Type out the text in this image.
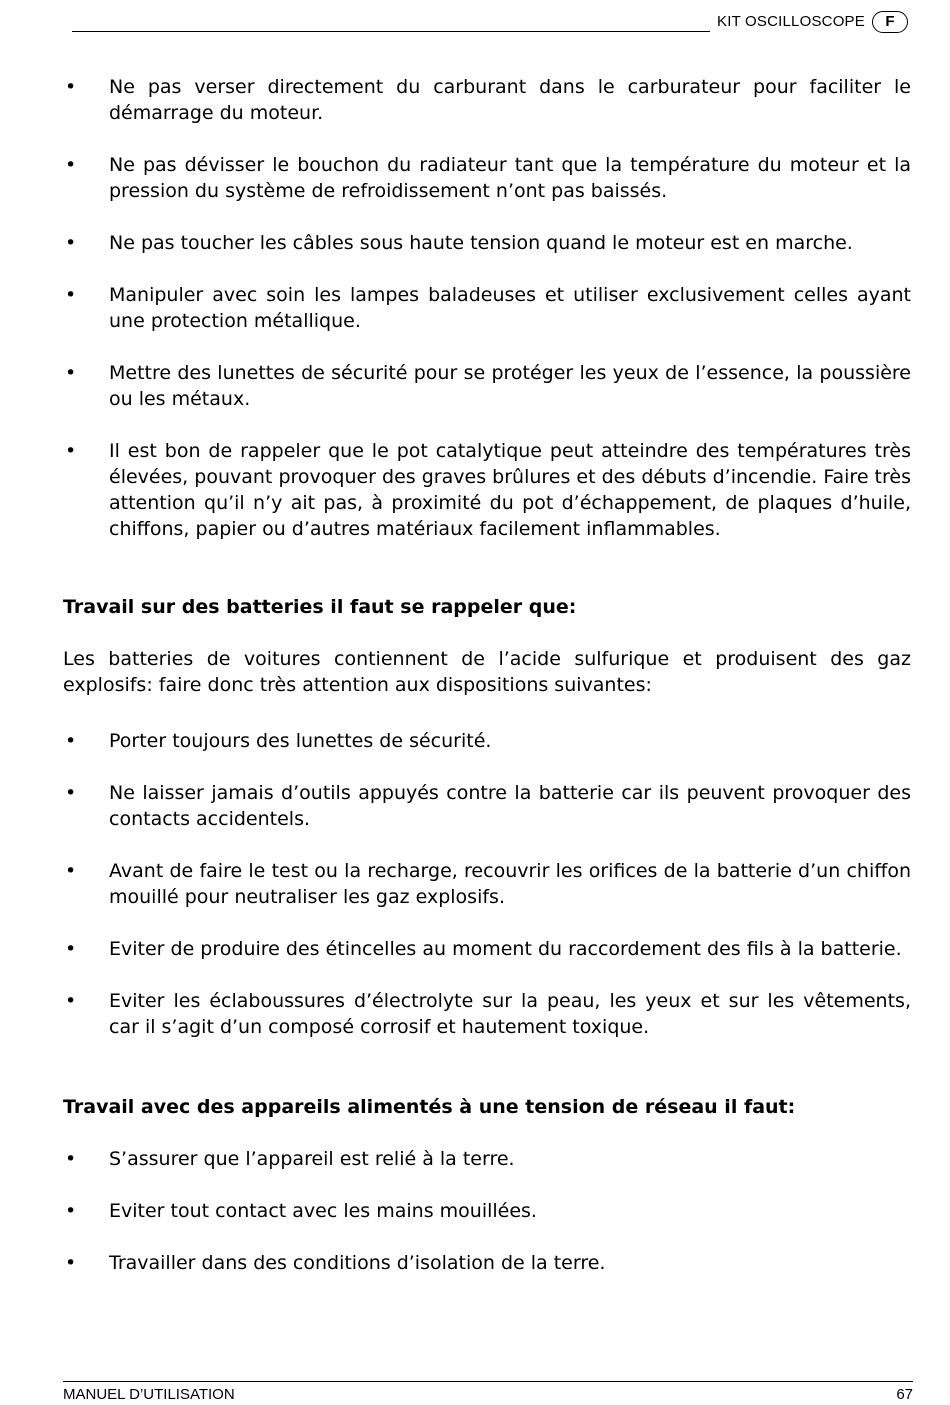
KIT OSCILLOSCOPE	F
• Ne pas verser directement du carburant dans le carburateur pour faciliter le démarrage du moteur.
• Ne pas dévisser le bouchon du radiateur tant que la température du moteur et la pression du système de refroidissement n’ont pas baissés.
• Ne pas toucher les câbles sous haute tension quand le moteur est en marche.
• Manipuler avec soin les lampes baladeuses et utiliser exclusivement celles ayant une protection métallique.
• Mettre des lunettes de sécurité pour se protéger les yeux de l’essence, la poussière ou les métaux.
• Il est bon de rappeler que le pot catalytique peut atteindre des températures très élevées, pouvant provoquer des graves brûlures et des débuts d’incendie. Faire très attention qu’il n’y ait pas, à proximité du pot d’échappement, de plaques d’huile, chiffons, papier ou d’autres matériaux facilement inflammables.
Travail sur des batteries il faut se rappeler que:
Les batteries de voitures contiennent de l’acide sulfurique et produisent des gaz explosifs: faire donc très attention aux dispositions suivantes:
• Porter toujours des lunettes de sécurité.
• Ne laisser jamais d’outils appuyés contre la batterie car ils peuvent provoquer des contacts accidentels.
• Avant de faire le test ou la recharge, recouvrir les orifices de la batterie d’un chiffon mouillé pour neutraliser les gaz explosifs.
• Eviter de produire des étincelles au moment du raccordement des fils à la batterie.
• Eviter les éclaboussures d’électrolyte sur la peau, les yeux et sur les vêtements, car il s’agit d’un composé corrosif et hautement toxique.
Travail avec des appareils alimentés à une tension de réseau il faut:
• S’assurer que l’appareil est relié à la terre.
• Eviter tout contact avec les mains mouillées.
• Travailler dans des conditions d’isolation de la terre.
MANUEL D’UTILISATION	67
